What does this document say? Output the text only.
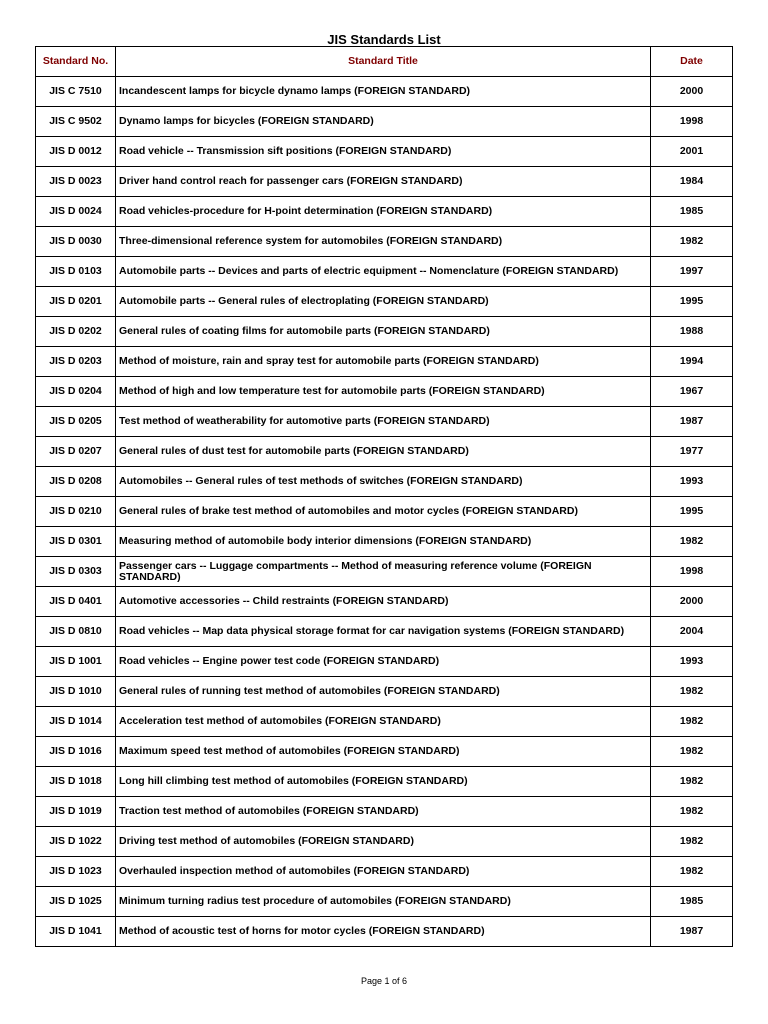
JIS Standards List
Standard No.	Standard Title	Date
JIS C 7510	Incandescent lamps for bicycle dynamo lamps (FOREIGN STANDARD)	2000
JIS C 9502	Dynamo lamps for bicycles (FOREIGN STANDARD)	1998
JIS D 0012	Road vehicle -- Transmission sift positions (FOREIGN STANDARD)	2001
JIS D 0023	Driver hand control reach for passenger cars (FOREIGN STANDARD)	1984
JIS D 0024	Road vehicles-procedure for H-point determination (FOREIGN STANDARD)	1985
JIS D 0030	Three-dimensional reference system for automobiles (FOREIGN STANDARD)	1982
JIS D 0103	Automobile parts -- Devices and parts of electric equipment -- Nomenclature (FOREIGN STANDARD)	1997
JIS D 0201	Automobile parts -- General rules of electroplating (FOREIGN STANDARD)	1995
JIS D 0202	General rules of coating films for automobile parts (FOREIGN STANDARD)	1988
JIS D 0203	Method of moisture, rain and spray test for automobile parts (FOREIGN STANDARD)	1994
JIS D 0204	Method of high and low temperature test for automobile parts (FOREIGN STANDARD)	1967
JIS D 0205	Test method of weatherability for automotive parts (FOREIGN STANDARD)	1987
JIS D 0207	General rules of dust test for automobile parts (FOREIGN STANDARD)	1977
JIS D 0208	Automobiles -- General rules of test methods of switches (FOREIGN STANDARD)	1993
JIS D 0210	General rules of brake test method of automobiles and motor cycles (FOREIGN STANDARD)	1995
JIS D 0301	Measuring method of automobile body interior dimensions (FOREIGN STANDARD)	1982
JIS D 0303	Passenger cars -- Luggage compartments -- Method of measuring reference volume (FOREIGN STANDARD)	1998
JIS D 0401	Automotive accessories -- Child restraints (FOREIGN STANDARD)	2000
JIS D 0810	Road vehicles -- Map data physical storage format for car navigation systems (FOREIGN STANDARD)	2004
JIS D 1001	Road vehicles -- Engine power test code (FOREIGN STANDARD)	1993
JIS D 1010	General rules of running test method of automobiles (FOREIGN STANDARD)	1982
JIS D 1014	Acceleration test method of automobiles (FOREIGN STANDARD)	1982
JIS D 1016	Maximum speed test method of automobiles (FOREIGN STANDARD)	1982
JIS D 1018	Long hill climbing test method of automobiles (FOREIGN STANDARD)	1982
JIS D 1019	Traction test method of automobiles (FOREIGN STANDARD)	1982
JIS D 1022	Driving test method of automobiles (FOREIGN STANDARD)	1982
JIS D 1023	Overhauled inspection method of automobiles (FOREIGN STANDARD)	1982
JIS D 1025	Minimum turning radius test procedure of automobiles (FOREIGN STANDARD)	1985
JIS D 1041	Method of acoustic test of horns for motor cycles (FOREIGN STANDARD)	1987
Page 1 of 6
